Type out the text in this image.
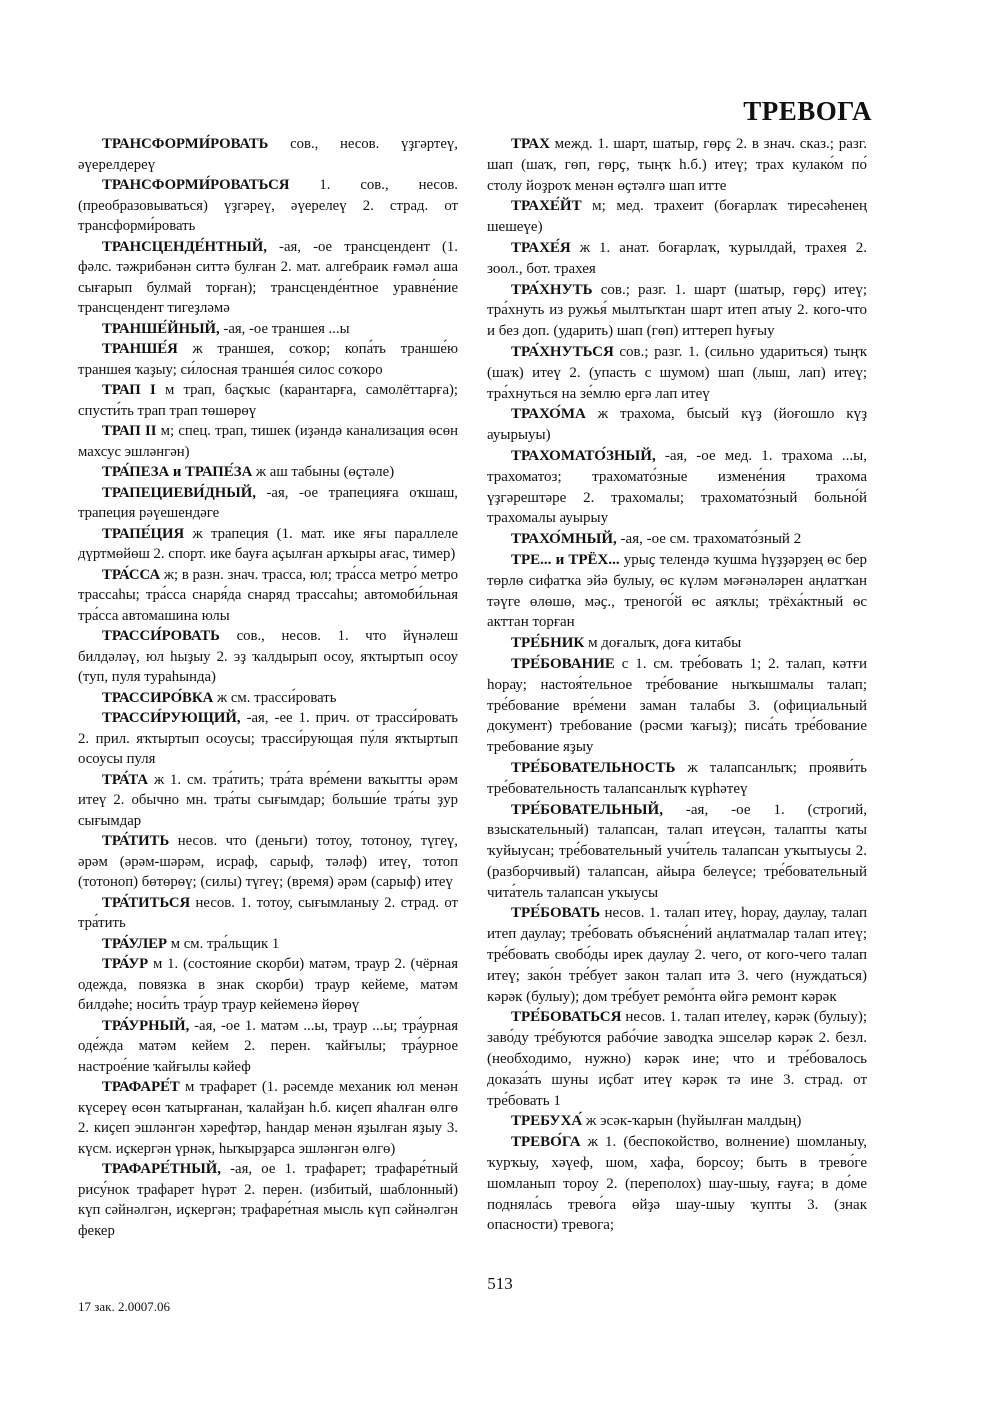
ТРЕВОГА

ТРАНСФОРМИ́РОВАТЬ сов., несов. үҙгәртеү, әүерелдереү

ТРАНСФОРМИ́РОВАТЬСЯ 1. сов., несов. (преобразовываться) үҙгәреү, әүерелеү 2. страд. от трансформи́ровать

ТРАНСЦЕНДЕ́НТНЫЙ, -ая, -ое трансцендент (1. фәлс. тәжрибәнән ситтә булған 2. мат. алгебраик ғәмәл аша сығарып булмай торған); трансценде́нтное уравне́ние трансцендент тигеҙләмә

ТРАНШЕ́ЙНЫЙ, -ая, -ое траншея ...ы

ТРАНШЕ́Я ж траншея, соҡор; копа́ть транше́ю траншея ҡаҙыу; си́лосная транше́я силос соҡоро

ТРАП I м трап, баҫҡыс (карантарға, самолёттарға); спусти́ть трап трап төшөрөү

ТРАП II м; спец. трап, тишек (иҙәндә канализация өсөн махсус эшләнгән)

ТРА́ПЕЗА и ТРАПЕ́ЗА ж аш табыны (өҫтәле)

ТРАПЕЦИЕВИ́ДНЫЙ, -ая, -ое трапецияға оҡшаш, трапеция рәүешендәге

ТРАПЕ́ЦИЯ ж трапеция (1. мат. ике яғы параллеле дүртмөйөш 2. спорт. ике бауға аҫылған арҡыры ағас, тимер)

ТРА́ССА ж; в разн. знач. трасса, юл; тра́сса метро́ метро трассаһы; тра́сса снаря́да снаряд трассаһы; автомоби́льная тра́сса автомашина юлы

ТРАССИ́РОВАТЬ сов., несов. 1. что йүнәлеш билдәләү, юл һыҙыу 2. эҙ ҡалдырып осоу, яҡтыртып осоу (туп, пуля тураһында)

ТРАССИРО́ВКА ж см. трасси́ровать

ТРАССИ́РУЮЩИЙ, -ая, -ее 1. прич. от трасси́ровать 2. прил. яҡтыртып осоусы; трасси́рующая пу́ля яҡтыртып осоусы пуля

ТРА́ТА ж 1. см. тра́тить; тра́та вре́мени ваҡытты әрәм итеү 2. обычно мн. тра́ты сығымдар; больши́е тра́ты ҙур сығымдар

ТРА́ТИТЬ несов. что (деньги) тотоу, тотоноу, түгеү, әрәм (әрәм-шәрәм, исраф, сарыф, тәләф) итеү, тотоп (тотоноп) бөтөрөү; (силы) түгеү; (время) әрәм (сарыф) итеү

ТРА́ТИТЬСЯ несов. 1. тотоу, сығымланыу 2. страд. от тра́тить

ТРА́УЛЕР м см. тра́льщик 1

ТРА́УР м 1. (состояние скорби) матәм, траур 2. (чёрная одежда, повязка в знак скорби) траур кейеме, матәм билдәһе; носи́ть тра́ур траур кейеменә йөрөү

ТРА́УРНЫЙ, -ая, -ое 1. матәм ...ы, траур ...ы; тра́урная оде́жда матәм кейем 2. перен. ҡайғылы; тра́урное настрое́ние ҡайғылы кәйеф

ТРАФАРЕ́Т м трафарет (1. рәсемде механик юл менән күсереү өсөн ҡатырғанан, ҡалайҙан һ.б. киҫеп яһалған өлгө 2. киҫеп эшләнгән хәрефтәр, һандар менән яҙылған яҙыу 3. күсм. иҫкергән үрнәк, һыҡырҙарса эшләнгән өлгө)

ТРАФАРЕ́ТНЫЙ, -ая, ое 1. трафарет; трафаре́тный рису́нок трафарет һүрәт 2. перен. (избитый, шаблонный) күп сәйнәлгән, иҫкергән; трафаре́тная мысль күп сәйнәлгән фекер

ТРАХ межд. 1. шарт, шатыр, гөрҫ 2. в знач. сказ.; разг. шап (шаҡ, гөп, гөрҫ, тыңҡ һ.б.) итеү; трах кулако́м по́ столу йоҙроҡ менән өҫтәлгә шап итте

ТРАХЕ́ЙТ м; мед. трахеит (боғарлаҡ тиресәһенең шешеүе)

ТРАХЕ́Я ж 1. анат. боғарлаҡ, ҡурылдай, трахея 2. зоол., бот. трахея

ТРА́ХНУТЬ сов.; разг. 1. шарт (шатыр, гөрҫ) итеү; тра́хнуть из ружья́ мылтыҡтан шарт итеп атыу 2. кого-что и без доп. (ударить) шап (гөп) иттереп һуғыу

ТРА́ХНУТЬСЯ сов.; разг. 1. (сильно удариться) тыңҡ (шаҡ) итеү 2. (упасть с шумом) шап (лыш, лап) итеү; тра́хнуться на зе́млю ергә лап итеү

ТРАХО́МА ж трахома, бысый күҙ (йоғошло күҙ ауырыуы)

ТРАХОМАТО́ЗНЫЙ, -ая, -ое мед. 1. трахома ...ы, трахоматоз; трахомато́зные измене́ния трахома үҙгәрештәре 2. трахомалы; трахомато́зный больно́й трахомалы ауырыу

ТРАХО́МНЫЙ, -ая, -ое см. трахомато́зный 2

ТРЕ... и ТРЁХ... урыҫ телендә ҡушма һүҙҙәрҙең өс бер төрлө сифатҡа эйә булыу, өс күләм мәғәнәләрен аңлатҡан тәүге өлөшө, мәҫ., треного́й өс аяҡлы; трёха́ктный өс акттан торған

ТРЕ́БНИК м доғалыҡ, доға китабы

ТРЕ́БОВАНИЕ с 1. см. тре́бовать 1; 2. талап, кәтғи һорау; настоя́тельное тре́бование ныҡышмалы талап; тре́бование вре́мени заман талабы 3. (официальный документ) требование (рәсми ҡағыҙ); писа́ть тре́бование требование яҙыу

ТРЕ́БОВАТЕЛЬНОСТЬ ж талапсанлыҡ; прояви́ть тре́бовательность талапсанлыҡ күрһәтеү

ТРЕ́БОВАТЕЛЬНЫЙ, -ая, -ое 1. (строгий, взыскательный) талапсан, талап итеүсән, талапты ҡаты ҡуйыусан; тре́бовательный учи́тель талапсан уҡытыусы 2. (разборчивый) талапсан, айыра белеүсе; тре́бовательный чита́тель талапсан уҡыусы

ТРЕ́БОВАТЬ несов. 1. талап итеү, һорау, даулау, талап итеп даулау; тре́бовать объясне́ний аңлатмалар талап итеү; тре́бовать свобо́ды ирек даулау 2. чего, от кого-чего талап итеү; зако́н тре́бует закон талап итә 3. чего (нуждаться) кәрәк (булыу); дом тре́бует ремо́нта өйгә ремонт кәрәк

ТРЕ́БОВАТЬСЯ несов. 1. талап ителеү, кәрәк (булыу); заво́ду тре́буются рабо́чие заводҡа эшселәр кәрәк 2. безл. (необходимо, нужно) кәрәк ине; что и тре́бовалось доказа́ть шуны иҫбат итеү кәрәк тә ине 3. страд. от тре́бовать 1

ТРЕБУХА́ ж эсәк-ҡарын (һуйылған малдың)

ТРЕВО́ГА ж 1. (беспокойство, волнение) шомланыу, ҡурҡыу, хәүеф, шом, хафа, борсоу; быть в трево́ге шомланып тороу 2. (переполох) шау-шыу, ғауға; в до́ме подняла́сь трево́га өйҙә шау-шыу ҡупты 3. (знак опасности) тревога;

513
17 зак. 2.0007.06
